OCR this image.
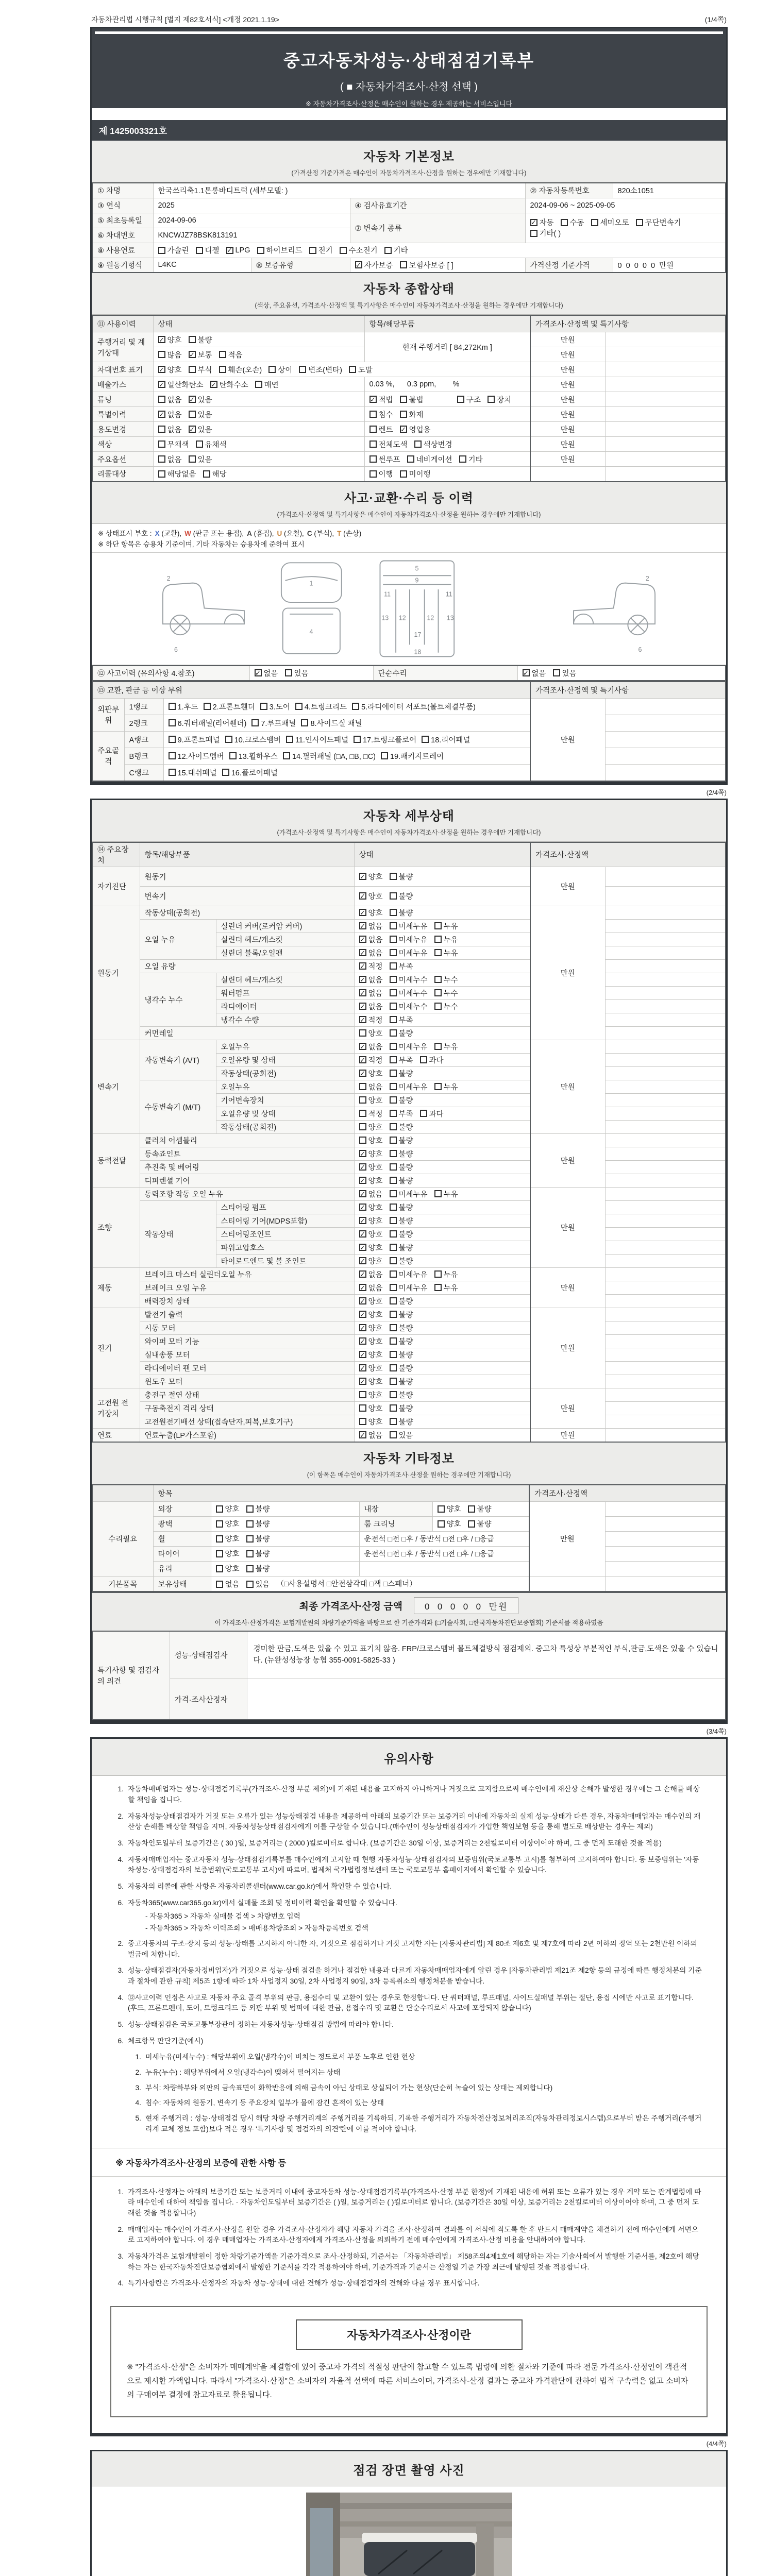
자동차관리법 시행규칙 [별지 제82호서식] <개정 2021.1.19>	(1/4쪽)
중고자동차성능·상태점검기록부
( ■ 자동차가격조사·산정 선택 )
※ 자동차가격조사·산정은 매수인이 원하는 경우 제공하는 서비스입니다
제 1425003321호
자동차 기본정보
(가격산정 기준가격은 매수인이 자동차가격조사·산정을 원하는 경우에만 기재합니다)
① 차명	한국쓰리축1.1톤롱바디트럭 (세부모델: )			② 자동차등록번호	820소1051
③ 연식	2025		④ 검사유효기간	2024-09-06 ~ 2025-09-05	
⑤ 최초등록일	2024-09-06	⑦ 변속기 종류	
✓ 자동 수동 세미오토 무단변속기
기타( )

⑥ 차대번호	KNCWJZ78BSK813191				
⑧ 사용연료	가솔린 디젤 ✓ LPG 하이브리드 전기 수소전기 기타

⑨ 원동기형식	L4KC	⑩ 보증유형	✓ 자가보증 보험사보증 [ ]	가격산정 기준가격	0  0  0  0  0  만원
자동차 종합상태
(색상, 주요옵션, 가격조사·산정액 및 특기사항은 매수인이 자동차가격조사·산정을 원하는 경우에만 기재합니다)
⑪ 사용이력	상태	항목/해당부품	가격조사·산정액 및 특기사항	
주행거리 및 계기상태	✓ 양호 불량	현재 주행거리 [ 84,272Km ]	만원	

	많음 ✓ 보통 적음		만원	
차대번호 표기	✓ 양호 부식 훼손(오손) 상이 변조(변타) 도말	만원	
배출가스	✓ 일산화탄소 ✓ 탄화수소 매연	0.03 %,      0.3 ppm,        %	만원	
튜닝	없음 ✓ 있음	✓ 적법 불법 구조 장치	만원	
특별이력	✓ 없음 있음	침수 화재	만원	
용도변경	없음 ✓ 있음	렌트 ✓ 영업용	만원	
색상	무채색 유채색	전체도색 색상변경	만원	
주요옵션	없음 있음	썬루프 네비게이션 기타	만원	
리콜대상	해당없음 해당	이행 미이행		

사고·교환·수리 등 이력
(가격조사·산정액 및 특기사항은 매수인이 자동차가격조사·산정을 원하는 경우에만 기재합니다)
※ 상태표시 부호 : X (교환), W (판금 또는 용접), A (흠집), U (요철), C (부식), T (손상)
※ 하단 항목은 승용차 기준이며, 기타 자동차는 승용차에 준하여 표시
2
6
1
4
5
9
11	11
13	13
12	12
17
18
2
6
⑫ 사고이력 (유의사항 4.참조)	✓ 없음 있음	단순수리	✓ 없음 있음
⑬ 교환, 판금 등 이상 부위			가격조사·산정액 및 특기사항	
외판부위	1랭크	1.후드 2.프론트휀더 3.도어 4.트렁크리드 5.라디에이터 서포트(볼트체결부품)	만원	
	2랭크	6.쿼터패널(리어휀더) 7.루프패널 8.사이드실 패널		

주요골격	A랭크	9.프론트패널 10.크로스멤버 11.인사이드패널 17.트렁크플로어 18.리어패널		

	B랭크	12.사이드멤버 13.휠하우스 14.필러패널 (□A, □B, □C) 19.패키지트레이		

	C랭크	15.대쉬패널 16.플로어패널		

(2/4쪽)
자동차 세부상태
(가격조사·산정액 및 특기사항은 매수인이 자동차가격조사·산정을 원하는 경우에만 기재합니다)
⑭ 주요장치	항목/해당부품		상태	가격조사·산정액	
자기진단	원동기		✓ 양호 불량	만원	
	변속기		✓ 양호 불량		

원동기	작동상태(공회전)		✓ 양호 불량	만원	
	오일 누유	실린더 커버(로커암 커버)	✓ 없음 미세누유 누유		

		실린더 헤드/개스킷	✓ 없음 미세누유 누유		

		실린더 블록/오일팬	✓ 없음 미세누유 누유		

	오일 유량		✓ 적정 부족		

	냉각수 누수	실린더 헤드/개스킷	✓ 없음 미세누수 누수		

		워터펌프	✓ 없음 미세누수 누수		

		라디에이터	✓ 없음 미세누수 누수		

		냉각수 수량	✓ 적정 부족		

	커먼레일		양호 불량		

변속기	자동변속기 (A/T)	오일누유	✓ 없음 미세누유 누유	만원	
		오일유량 및 상태	✓ 적정 부족 과다		

		작동상태(공회전)	✓ 양호 불량		

	수동변속기 (M/T)	오일누유	없음 미세누유 누유		

		기어변속장치	양호 불량		

		오일유량 및 상태	적정 부족 과다		

		작동상태(공회전)	양호 불량		

동력전달	클러치 어셈블리		양호 불량	만원	
	등속죠인트		✓ 양호 불량		

	추진축 및 베어링		✓ 양호 불량		

	디퍼렌셜 기어		✓ 양호 불량		

조향	동력조향 작동 오일 누유		✓ 없음 미세누유 누유	만원	
	작동상태	스티어링 펌프	✓ 양호 불량		

		스티어링 기어(MDPS포함)	✓ 양호 불량		

		스티어링조인트	✓ 양호 불량		

		파워고압호스	✓ 양호 불량		

		타이로드엔드 및 볼 조인트	✓ 양호 불량		

제동	브레이크 마스터 실린더오일 누유		✓ 없음 미세누유 누유	만원	
	브레이크 오일 누유		✓ 없음 미세누유 누유		

	배력장치 상태		✓ 양호 불량		

전기	발전기 출력		✓ 양호 불량	만원	
	시동 모터		✓ 양호 불량		

	와이퍼 모터 기능		✓ 양호 불량		

	실내송풍 모터		✓ 양호 불량		

	라디에이터 팬 모터		✓ 양호 불량		

	윈도우 모터		✓ 양호 불량		

고전원 전기장치	충전구 절연 상태		양호 불량	만원	
	구동축전지 격리 상태		양호 불량		

	고전원전기배선 상태(접속단자,피복,보호기구)		양호 불량		

연료	연료누출(LP가스포함)		✓ 없음 있음	만원	
자동차 기타정보
(이 항목은 매수인이 자동차가격조사·산정을 원하는 경우에만 기재합니다)
	항목				가격조사·산정액	
수리필요	외장	양호 불량	내장	양호 불량	만원	
	광택	양호 불량	룸 크리닝	양호 불량		

	휠	양호 불량	운전석 □전 □후 / 동반석 □전 □후 / □응급			
	타이어	양호 불량	운전석 □전 □후 / 동반석 □전 □후 / □응급			
	유리	양호 불량				

기본품목	보유상태	없음 있음 （□사용설명서 □안전삼각대 □잭 □스패너）				
최종 가격조사·산정 금액	0  0  0  0  0  만원
이 가격조사·산정가격은 보험개발원의 차량기준가액을 바탕으로 한 기준가격과 (□기술사회, □한국자동차진단보증협회) 기준서를 적용하였음
특기사항 및 점검자의 의견	성능·상태점검자	경미한 판금,도색은 있을 수 있고 표기치 않음. FRP/크로스멤버 볼트체결방식 점검제외. 중고차 특성상 부분적인 부식,판금,도색은 있을 수 있습니다. (뉴완성성능장 농협 355-0091-5825-33 )
	가격·조사산정자	
(3/4쪽)
유의사항
1. 자동차매매업자는 성능·상태점검기록부(가격조사·산정 부분 제외)에 기재된 내용을 고지하지 아니하거나 거짓으로 고지함으로써 매수인에게 재산상 손해가 발생한 경우에는 그 손해를 배상할 책임을 집니다.
2. 자동차성능상태점검자가 거짓 또는 오류가 있는 성능상태점검 내용을 제공하여 아래의 보증기간 또는 보증거리 이내에 자동차의 실제 성능·상태가 다른 경우, 자동차매매업자는 매수인의 재산상 손해를 배상할 책임을 지며, 자동차성능상태점검자에게 이를 구상할 수 있습니다.(매수인이 성능상태점검자가 가입한 책임보험 등을 통해 별도로 배상받는 경우는 제외)
3. 자동차인도일부터 보증기간은 ( 30 )일, 보증거리는 ( 2000 )킬로미터로 합니다. (보증기간은 30일 이상, 보증거리는 2천킬로미터 이상이어야 하며, 그 중 먼저 도래한 것을 적용)
4. 자동차매매업자는 중고자동차 성능·상태점검기록부를 매수인에게 고지할 때 현행 자동차성능·상태점검자의 보증범위(국토교통부 고시)를 첨부하여 고지하여야 합니다. 동 보증범위는 '자동차성능·상태점검자의 보증범위'(국토교통부 고시)에 따르며, 법제처 국가법령정보센터 또는 국토교통부 홈페이지에서 확인할 수 있습니다.
5. 자동차의 리콜에 관한 사항은 자동차리콜센터(www.car.go.kr)에서 확인할 수 있습니다.
6. 자동차365(www.car365.go.kr)에서 실매물 조회 및 정비이력 확인을 확인할 수 있습니다.
- 자동차365 > 자동차 실매물 검색 > 차량번호 입력
- 자동차365 > 자동차 이력조회 > 매매용차량조회 > 자동차등록번호 검색
2. 중고자동차의 구조·장치 등의 성능·상태를 고지하지 아니한 자, 거짓으로 점검하거나 거짓 고지한 자는 [자동차관리법] 제 80조 제6호 및 제7호에 따라 2년 이하의 징역 또는 2천만원 이하의 벌금에 처합니다.
3. 성능·상태점검자(자동차정비업자)가 거짓으로 성능·상태 점검을 하거나 점검한 내용과 다르게 자동차매매업자에게 알린 경우 [자동차관리법 제21조 제2항 등의 규정에 따른 행정처분의 기준과 절차에 관한 규칙] 제5조 1항에 따라 1차 사업정지 30일, 2차 사업정지 90일, 3차 등록취소의 행정처분을 받습니다.
4. ⑫사고이력 인정은 사고로 자동차 주요 골격 부위의 판금, 용접수리 및 교환이 있는 경우로 한정합니다. 단 쿼터패널, 루프패널, 사이드실패널 부위는 절단, 용접 시에만 사고로 표기합니다. (후드, 프론트펜더, 도어, 트렁크리드 등 외판 부위 및 범퍼에 대한 판금, 용접수리 및 교환은 단순수리로서 사고에 포함되지 않습니다)
5. 성능·상태점검은 국토교통부장관이 정하는 자동차성능·상태점검 방법에 따라야 합니다.
6. 체크항목 판단기준(예시)
1. 미세누유(미세누수) : 해당부위에 오일(냉각수)이 비치는 정도로서 부품 노후로 인한 현상
2. 누유(누수) : 해당부위에서 오일(냉각수)이 맺혀서 떨어지는 상태
3. 부식: 차량하부와 외판의 금속표면이 화학반응에 의해 금속이 아닌 상태로 상실되어 가는 현상(단순히 녹슬어 있는 상태는 제외합니다)
4. 침수: 자동차의 원동기, 변속기 등 주요장치 일부가 물에 잠긴 흔적이 있는 상태
5. 현재 주행거리 : 성능·상태점검 당시 해당 차량 주행거리계의 주행거리를 기록하되, 기록한 주행거리가 자동차전산정보처리조직(자동차관리정보시스템)으로부터 받은 주행거리(주행거리계 교체 정보 포함)보다 적은 경우 '특기사항 및 점검자의 의견'란에 이를 적어야 합니다.
※ 자동차가격조사·산정의 보증에 관한 사항 등
1. 가격조사·산정자는 아래의 보증기간 또는 보증거리 이내에 중고자동차 성능·상태점검기록부(가격조사·산정 부분 한정)에 기재된 내용에 허위 또는 오류가 있는 경우 계약 또는 관계법령에 따라 매수인에 대하여 책임을 집니다. · 자동차인도일부터 보증기간은 ( )일, 보증거리는 ( )킬로미터로 합니다. (보증기간은 30일 이상, 보증거리는 2천킬로미터 이상이어야 하며, 그 중 먼저 도래한 것을 적용합니다)
2. 매매업자는 매수인이 가격조사·산정을 원할 경우 가격조사·산정자가 해당 자동차 가격을 조사·산정하여 결과를 이 서식에 적도록 한 후 반드시 매매계약을 체결하기 전에 매수인에게 서면으로 고지하여야 합니다. 이 경우 매매업자는 가격조사·산정자에게 가격조사·산정을 의뢰하기 전에 매수인에게 가격조사·산정 비용을 안내하여야 합니다.
3. 자동차가격은 보험개발원이 정한 차량기준가액을 기준가격으로 조사·산정하되, 기준서는 「자동차관리법」 제58조의4제1호에 해당하는 자는 기술사회에서 발행한 기준서를, 제2호에 해당하는 자는 한국자동차진단보증협회에서 발행한 기준서를 각각 적용하여야 하며, 기준가격과 기준서는 산정일 기준 가장 최근에 발행된 것을 적용합니다.
4. 특기사항란은 가격조사·산정자의 자동차 성능·상태에 대한 견해가 성능·상태점검자의 견해와 다를 경우 표시합니다.
자동차가격조사·산정이란
※ "가격조사·산정"은 소비자가 매매계약을 체결함에 있어 중고차 가격의 적절성 판단에 참고할 수 있도록 법령에 의한 절차와 기준에 따라 전문 가격조사·산정인이 객관적으로 제시한 가액입니다. 따라서 "가격조사·산정"은 소비자의 자율적 선택에 따른 서비스이며, 가격조사·산정 결과는 중고차 가격판단에 관하여 법적 구속력은 없고 소비자의 구매여부 결정에 참고자료로 활용됩니다.
(4/4쪽)
점검 장면 촬영 사진
